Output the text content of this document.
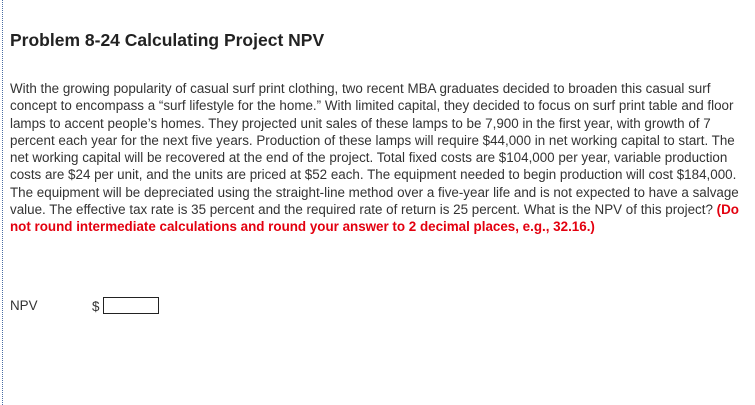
Problem 8-24 Calculating Project NPV
With the growing popularity of casual surf print clothing, two recent MBA graduates decided to broaden this casual surf concept to encompass a “surf lifestyle for the home.” With limited capital, they decided to focus on surf print table and floor lamps to accent people’s homes. They projected unit sales of these lamps to be 7,900 in the first year, with growth of 7 percent each year for the next five years. Production of these lamps will require $44,000 in net working capital to start. The net working capital will be recovered at the end of the project. Total fixed costs are $104,000 per year, variable production costs are $24 per unit, and the units are priced at $52 each. The equipment needed to begin production will cost $184,000. The equipment will be depreciated using the straight-line method over a five-year life and is not expected to have a salvage value. The effective tax rate is 35 percent and the required rate of return is 25 percent. What is the NPV of this project? (Do not round intermediate calculations and round your answer to 2 decimal places, e.g., 32.16.)
NPV	$
